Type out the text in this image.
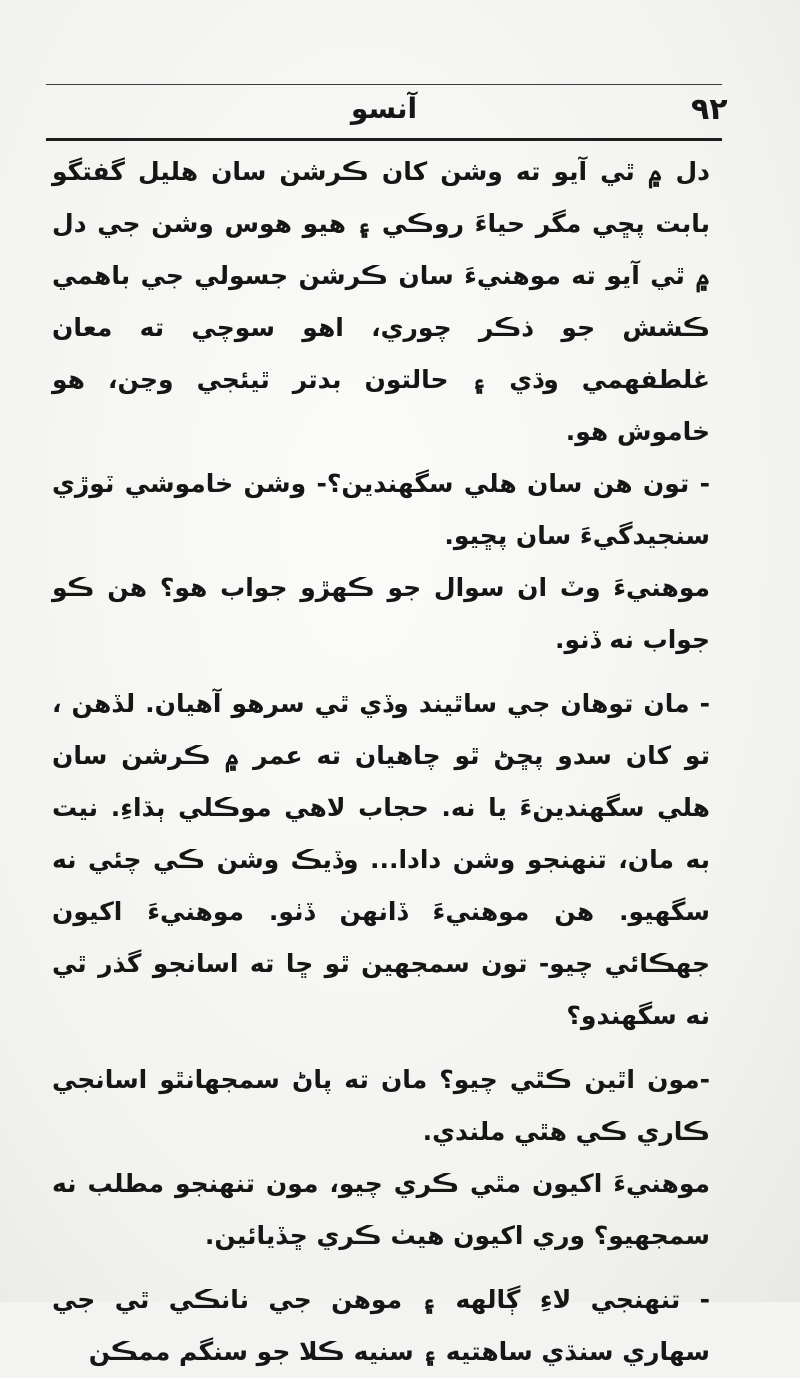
آنسو	۹۲

دل ۾ ٿي آيو ته وشن کان ڪرشن سان هليل گفتگو بابت پڇي مگر حياءَ روڪي ۽ هيو هوس وشن جي دل ۾ ٿي آيو ته موهنيءَ سان ڪرشن جسولي جي باهمي ڪشش جو ذڪر چوري، اهو سوچي ته معان غلطفهمي وڌي ۽ حالتون بدتر ٿيئجي وڃن، هو خاموش هو.

- تون هن سان هلي سگهندين؟- وشن خاموشي ٽوڙي سنجيدگيءَ سان پڇيو.

موهنيءَ وٽ ان سوال جو ڪهڙو جواب هو؟ هن ڪو جواب نه ڏنو.

- مان توهان جي ساٿيند وڏي ٿي سرهو آهيان. لڏهن ، تو کان سدو پڇڻ ٿو چاهيان ته عمر ۾ ڪرشن سان هلي سگهندينءَ يا نه. حجاب لاهي موڪلي ٻڌاءِ. نيت به مان، تنهنجو وشن دادا... وڏيڪ وشن ڪي چئي نه سگهيو. هن موهنيءَ ڏانهن ڏٺو. موهنيءَ اکيون جهڪائي چيو- تون سمجهين ٿو ڇا ته اسانجو گذر ٿي نه سگهندو؟

-مون اٿين ڪٿي چيو؟ مان ته پاڻ سمجهانٿو اسانجي ڪاري ڪي هٿي ملندي.

موهنيءَ اکيون مٿي ڪري چيو، مون تنهنجو مطلب نه سمجهيو؟ وري اکيون هيٺ ڪري ڇڏيائين.

- تنهنجي لاءِ ڳالهه ۽ موهن جي نانڪي ٿي جي سهاري سنڌي ساهتيه ۽ سنيه ڪلا جو سنگم ممڪن
